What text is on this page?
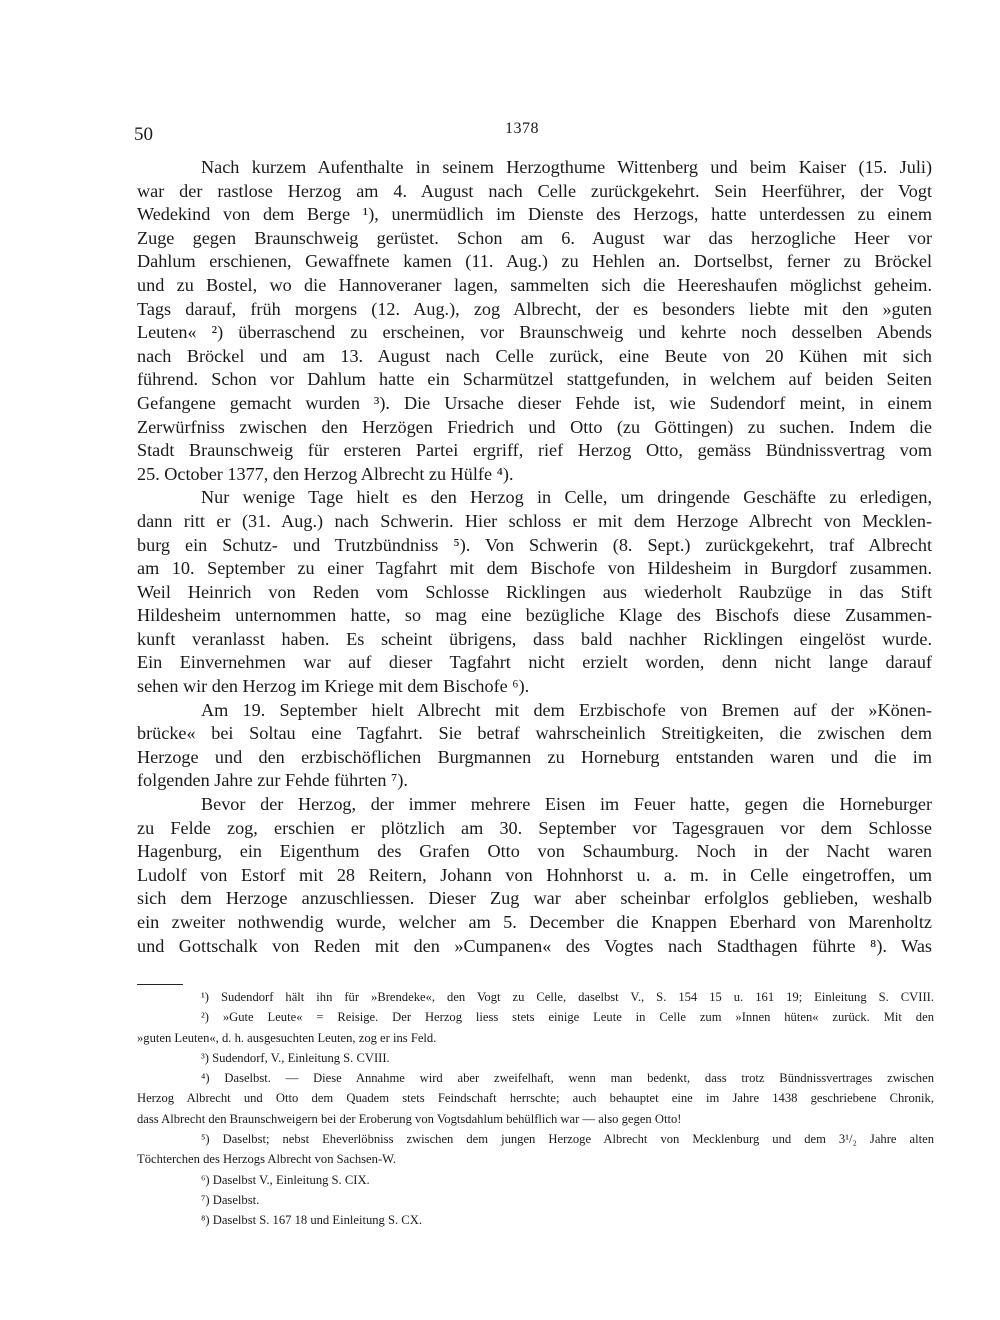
50	1378
Nach kurzem Aufenthalte in seinem Herzogthume Wittenberg und beim Kaiser (15. Juli)
war der rastlose Herzog am 4. August nach Celle zurückgekehrt. Sein Heerführer, der Vogt
Wedekind von dem Berge ¹), unermüdlich im Dienste des Herzogs, hatte unterdessen zu einem
Zuge gegen Braunschweig gerüstet. Schon am 6. August war das herzogliche Heer vor
Dahlum erschienen, Gewaffnete kamen (11. Aug.) zu Hehlen an. Dortselbst, ferner zu Bröckel
und zu Bostel, wo die Hannoveraner lagen, sammelten sich die Heereshaufen möglichst geheim.
Tags darauf, früh morgens (12. Aug.), zog Albrecht, der es besonders liebte mit den »guten
Leuten« ²) überraschend zu erscheinen, vor Braunschweig und kehrte noch desselben Abends
nach Bröckel und am 13. August nach Celle zurück, eine Beute von 20 Kühen mit sich
führend. Schon vor Dahlum hatte ein Scharmützel stattgefunden, in welchem auf beiden Seiten
Gefangene gemacht wurden ³). Die Ursache dieser Fehde ist, wie Sudendorf meint, in einem
Zerwürfniss zwischen den Herzögen Friedrich und Otto (zu Göttingen) zu suchen. Indem die
Stadt Braunschweig für ersteren Partei ergriff, rief Herzog Otto, gemäss Bündnissvertrag vom
25. October 1377, den Herzog Albrecht zu Hülfe ⁴).
Nur wenige Tage hielt es den Herzog in Celle, um dringende Geschäfte zu erledigen,
dann ritt er (31. Aug.) nach Schwerin. Hier schloss er mit dem Herzoge Albrecht von Mecklen-
burg ein Schutz- und Trutzbündniss ⁵). Von Schwerin (8. Sept.) zurückgekehrt, traf Albrecht
am 10. September zu einer Tagfahrt mit dem Bischofe von Hildesheim in Burgdorf zusammen.
Weil Heinrich von Reden vom Schlosse Ricklingen aus wiederholt Raubzüge in das Stift
Hildesheim unternommen hatte, so mag eine bezügliche Klage des Bischofs diese Zusammen-
kunft veranlasst haben. Es scheint übrigens, dass bald nachher Ricklingen eingelöst wurde.
Ein Einvernehmen war auf dieser Tagfahrt nicht erzielt worden, denn nicht lange darauf
sehen wir den Herzog im Kriege mit dem Bischofe ⁶).
Am 19. September hielt Albrecht mit dem Erzbischofe von Bremen auf der »Könen-
brücke« bei Soltau eine Tagfahrt. Sie betraf wahrscheinlich Streitigkeiten, die zwischen dem
Herzoge und den erzbischöflichen Burgmannen zu Horneburg entstanden waren und die im
folgenden Jahre zur Fehde führten ⁷).
Bevor der Herzog, der immer mehrere Eisen im Feuer hatte, gegen die Horneburger
zu Felde zog, erschien er plötzlich am 30. September vor Tagesgrauen vor dem Schlosse
Hagenburg, ein Eigenthum des Grafen Otto von Schaumburg. Noch in der Nacht waren
Ludolf von Estorf mit 28 Reitern, Johann von Hohnhorst u. a. m. in Celle eingetroffen, um
sich dem Herzoge anzuschliessen. Dieser Zug war aber scheinbar erfolglos geblieben, weshalb
ein zweiter nothwendig wurde, welcher am 5. December die Knappen Eberhard von Marenholtz
und Gottschalk von Reden mit den »Cumpanen« des Vogtes nach Stadthagen führte ⁸). Was
¹) Sudendorf hält ihn für »Brendeke«, den Vogt zu Celle, daselbst V., S. 154 15 u. 161 19; Einleitung S. CVIII.
²) »Gute Leute« = Reisige. Der Herzog liess stets einige Leute in Celle zum »Innen hüten« zurück. Mit den
»guten Leuten«, d. h. ausgesuchten Leuten, zog er ins Feld.
³) Sudendorf, V., Einleitung S. CVIII.
⁴) Daselbst. — Diese Annahme wird aber zweifelhaft, wenn man bedenkt, dass trotz Bündnissvertrages zwischen
Herzog Albrecht und Otto dem Quadem stets Feindschaft herrschte; auch behauptet eine im Jahre 1438 geschriebene Chronik,
dass Albrecht den Braunschweigern bei der Eroberung von Vogtsdahlum behülflich war — also gegen Otto!
⁵) Daselbst; nebst Eheverlöbniss zwischen dem jungen Herzoge Albrecht von Mecklenburg und dem 3¹/₂ Jahre alten
Töchterchen des Herzogs Albrecht von Sachsen-W.
⁶) Daselbst V., Einleitung S. CIX.
⁷) Daselbst.
⁸) Daselbst S. 167 18 und Einleitung S. CX.
